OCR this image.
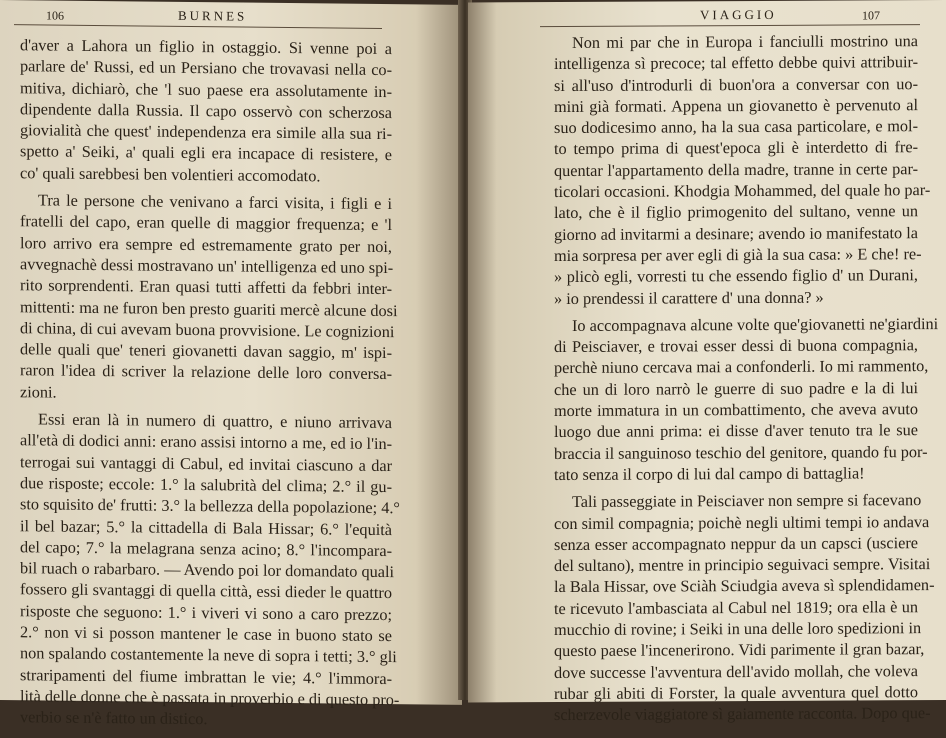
106	BURNES
d'aver a Lahora un figlio in ostaggio. Si venne poi a
parlare de' Russi, ed un Persiano che trovavasi nella co-
mitiva, dichiarò, che 'l suo paese era assolutamente in-
dipendente dalla Russia. Il capo osservò con scherzosa
giovialità che quest' independenza era simile alla sua ri-
spetto a' Seiki, a' quali egli era incapace di resistere, e
co' quali sarebbesi ben volentieri accomodato.
Tra le persone che venivano a farci visita, i figli e i
fratelli del capo, eran quelle di maggior frequenza; e 'l
loro arrivo era sempre ed estremamente grato per noi,
avvegnachè dessi mostravano un' intelligenza ed uno spi-
rito sorprendenti. Eran quasi tutti affetti da febbri inter-
mittenti: ma ne furon ben presto guariti mercè alcune dosi
di china, di cui avevam buona provvisione. Le cognizioni
delle quali que' teneri giovanetti davan saggio, m' ispi-
raron l'idea di scriver la relazione delle loro conversa-
zioni.
Essi eran là in numero di quattro, e niuno arrivava
all'età di dodici anni: erano assisi intorno a me, ed io l'in-
terrogai sui vantaggi di Cabul, ed invitai ciascuno a dar
due risposte; eccole: 1.° la salubrità del clima; 2.° il gu-
sto squisito de' frutti: 3.° la bellezza della popolazione; 4.°
il bel bazar; 5.° la cittadella di Bala Hissar; 6.° l'equità
del capo; 7.° la melagrana senza acino; 8.° l'incompara-
bil ruach o rabarbaro. — Avendo poi lor domandato quali
fossero gli svantaggi di quella città, essi dieder le quattro
risposte che seguono: 1.° i viveri vi sono a caro prezzo;
2.° non vi si posson mantener le case in buono stato se
non spalando costantemente la neve di sopra i tetti; 3.° gli
straripamenti del fiume imbrattan le vie; 4.° l'immora-
lità delle donne che è passata in proverbio e di questo pro-
verbio se n'è fatto un distico.
VIAGGIO	107
Non mi par che in Europa i fanciulli mostrino una
intelligenza sì precoce; tal effetto debbe quivi attribuir-
si all'uso d'introdurli di buon'ora a conversar con uo-
mini già formati. Appena un giovanetto è pervenuto al
suo dodicesimo anno, ha la sua casa particolare, e mol-
to tempo prima di quest'epoca gli è interdetto di fre-
quentar l'appartamento della madre, tranne in certe par-
ticolari occasioni. Khodgia Mohammed, del quale ho par-
lato, che è il figlio primogenito del sultano, venne un
giorno ad invitarmi a desinare; avendo io manifestato la
mia sorpresa per aver egli di già la sua casa: » E che! re-
» plicò egli, vorresti tu che essendo figlio d' un Durani,
» io prendessi il carattere d' una donna? »
Io accompagnava alcune volte que'giovanetti ne'giardini
di Peisciaver, e trovai esser dessi di buona compagnia,
perchè niuno cercava mai a confonderli. Io mi rammento,
che un di loro narrò le guerre di suo padre e la di lui
morte immatura in un combattimento, che aveva avuto
luogo due anni prima: ei disse d'aver tenuto tra le sue
braccia il sanguinoso teschio del genitore, quando fu por-
tato senza il corpo di lui dal campo di battaglia!
Tali passeggiate in Peisciaver non sempre si facevano
con simil compagnia; poichè negli ultimi tempi io andava
senza esser accompagnato neppur da un capsci (usciere
del sultano), mentre in principio seguivaci sempre. Visitai
la Bala Hissar, ove Sciàh Sciudgia aveva sì splendidamen-
te ricevuto l'ambasciata al Cabul nel 1819; ora ella è un
mucchio di rovine; i Seiki in una delle loro spedizioni in
questo paese l'incenerirono. Vidi parimente il gran bazar,
dove successe l'avventura dell'avido mollah, che voleva
rubar gli abiti di Forster, la quale avventura quel dotto
scherzevole viaggiatore sì gaiamente racconta. Dopo que-
